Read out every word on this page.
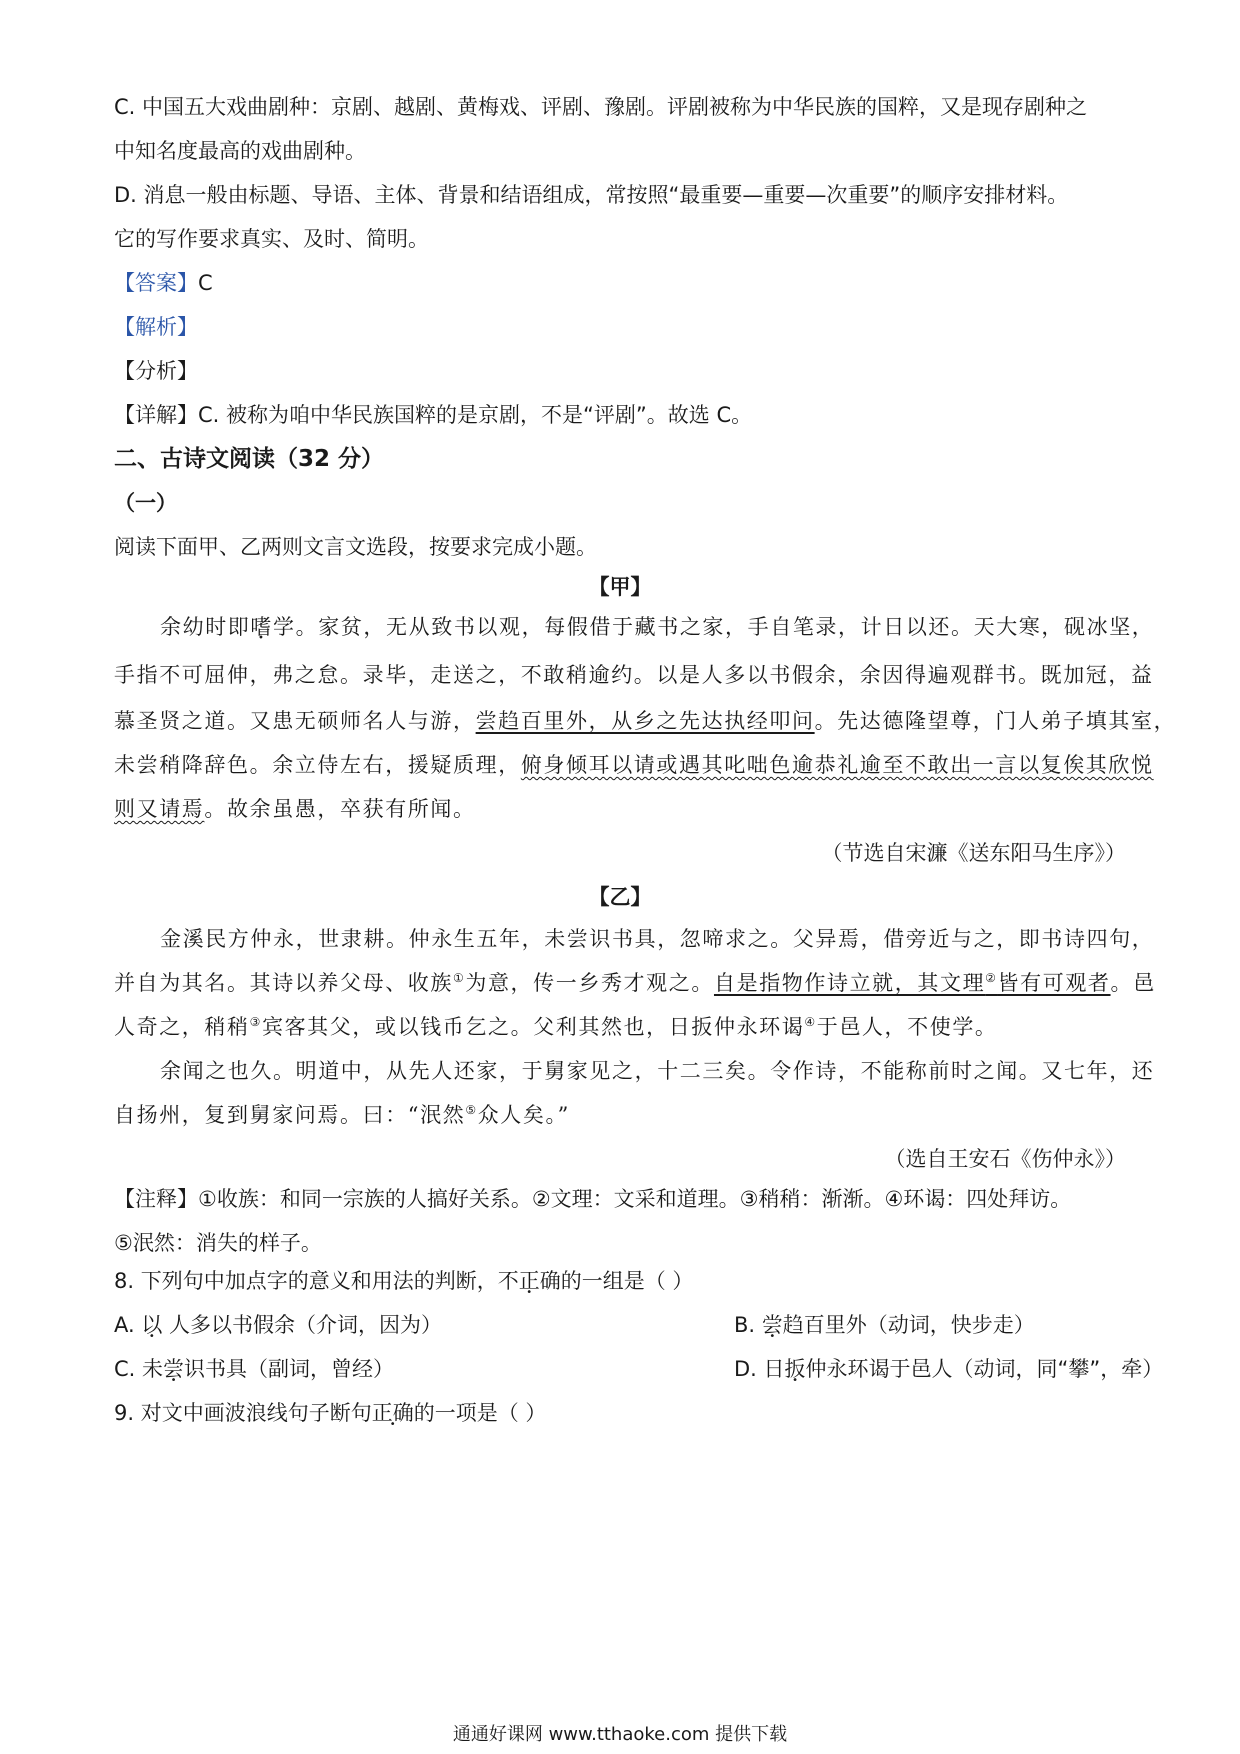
C. 中国五大戏曲剧种：京剧、越剧、黄梅戏、评剧、豫剧。评剧被称为中华民族的国粹，又是现存剧种之
中知名度最高的戏曲剧种。
D. 消息一般由标题、导语、主体、背景和结语组成，常按照“最重要—重要—次重要”的顺序安排材料。
它的写作要求真实、及时、简明。
【答案】C
【解析】
【分析】
【详解】C. 被称为咱中华民族国粹的是京剧，不是“评剧”。故选 C。
二、古诗文阅读（32 分）
（一）
阅读下面甲、乙两则文言文选段，按要求完成小题。
【甲】
余幼时即嗜学。家贫，无从致书以观，每假借于藏书之家，手自笔录，计日以还。天大寒，砚冰坚，
手指不可屈伸，弗之怠。录毕，走送之，不敢稍逾约。以是人多以书假余，余因得遍观群书。既加冠，益
慕圣贤之道。又患无硕师名人与游，尝趋百里外，从乡之先达执经叩问。先达德隆望尊，门人弟子填其室，
未尝稍降辞色。余立侍左右，援疑质理，俯身倾耳以请或遇其叱咄色逾恭礼逾至不敢出一言以复俟其欣悦
则又请焉。故余虽愚，卒获有所闻。
（节选自宋濂《送东阳马生序》）
【乙】
金溪民方仲永，世隶耕。仲永生五年，未尝识书具，忽啼求之。父异焉，借旁近与之，即书诗四句，
并自为其名。其诗以养父母、收族①为意，传一乡秀才观之。自是指物作诗立就，其文理②皆有可观者。邑
人奇之，稍稍③宾客其父，或以钱币乞之。父利其然也，日扳仲永环谒④于邑人，不使学。
余闻之也久。明道中，从先人还家，于舅家见之，十二三矣。令作诗，不能称前时之闻。又七年，还
自扬州，复到舅家问焉。曰：“泯然⑤众人矣。”
（选自王安石《伤仲永》）
【注释】①收族：和同一宗族的人搞好关系。②文理：文采和道理。③稍稍：渐渐。④环谒：四处拜访。
⑤泯然：消失的样子。
8. 下列句中加点字的意义和用法的判断，不正确的一组是（ ）
A. 以 人多以书假余（介词，因为）	B. 尝趋百里外（动词，快步走）
C. 未尝识书具（副词，曾经）	D. 日扳仲永环谒于邑人（动词，同“攀”，牵）
9. 对文中画波浪线句子断句正确的一项是（ ）
通通好课网 www.tthaoke.com 提供下载
